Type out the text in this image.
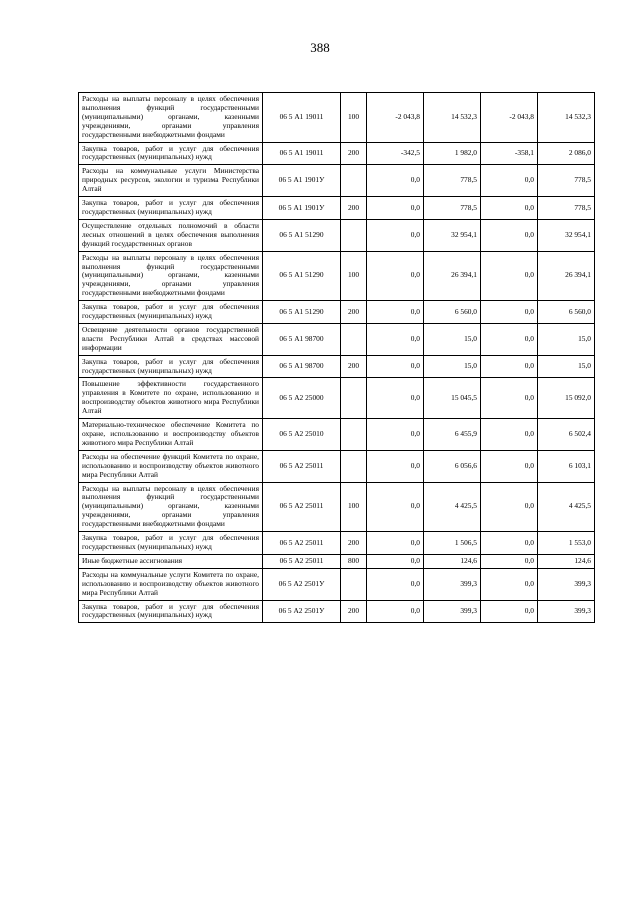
388
Расходы на выплаты персоналу в целях обеспечения выполнения функций государственными (муниципальными) органами, казенными учреждениями, органами управления государственными внебюджетными фондами	06 5 А1 19011	100	-2 043,8	14 532,3	-2 043,8	14 532,3
Закупка товаров, работ и услуг для обеспечения государственных (муниципальных) нужд	06 5 А1 19011	200	-342,5	1 982,0	-358,1	2 086,0
Расходы на коммунальные услуги Министерства природных ресурсов, экологии и туризма Республики Алтай	06 5 А1 1901У		0,0	778,5	0,0	778,5
Закупка товаров, работ и услуг для обеспечения государственных (муниципальных) нужд	06 5 А1 1901У	200	0,0	778,5	0,0	778,5
Осуществление отдельных полномочий в области лесных отношений в целях обеспечения выполнения функций государственных органов	06 5 А1 51290		0,0	32 954,1	0,0	32 954,1
Расходы на выплаты персоналу в целях обеспечения выполнения функций государственными (муниципальными) органами, казенными учреждениями, органами управления государственными внебюджетными фондами	06 5 А1 51290	100	0,0	26 394,1	0,0	26 394,1
Закупка товаров, работ и услуг для обеспечения государственных (муниципальных) нужд	06 5 А1 51290	200	0,0	6 560,0	0,0	6 560,0
Освещение деятельности органов государственной власти Республики Алтай в средствах массовой информации	06 5 А1 98700		0,0	15,0	0,0	15,0
Закупка товаров, работ и услуг для обеспечения государственных (муниципальных) нужд	06 5 А1 98700	200	0,0	15,0	0,0	15,0
Повышение эффективности государственного управления в Комитете по охране, использованию и воспроизводству объектов животного мира Республики Алтай	06 5 А2 25000		0,0	15 045,5	0,0	15 092,0
Материально-техническое обеспечение Комитета по охране, использованию и воспроизводству объектов животного мира Республики Алтай	06 5 А2 25010		0,0	6 455,9	0,0	6 502,4
Расходы на обеспечение функций Комитета по охране, использованию и воспроизводству объектов животного мира Республики Алтай	06 5 А2 25011		0,0	6 056,6	0,0	6 103,1
Расходы на выплаты персоналу в целях обеспечения выполнения функций государственными (муниципальными) органами, казенными учреждениями, органами управления государственными внебюджетными фондами	06 5 А2 25011	100	0,0	4 425,5	0,0	4 425,5
Закупка товаров, работ и услуг для обеспечения государственных (муниципальных) нужд	06 5 А2 25011	200	0,0	1 506,5	0,0	1 553,0
Иные бюджетные ассигнования	06 5 А2 25011	800	0,0	124,6	0,0	124,6
Расходы на коммунальные услуги Комитета по охране, использованию и воспроизводству объектов животного мира Республики Алтай	06 5 А2 2501У		0,0	399,3	0,0	399,3
Закупка товаров, работ и услуг для обеспечения государственных (муниципальных) нужд	06 5 А2 2501У	200	0,0	399,3	0,0	399,3
